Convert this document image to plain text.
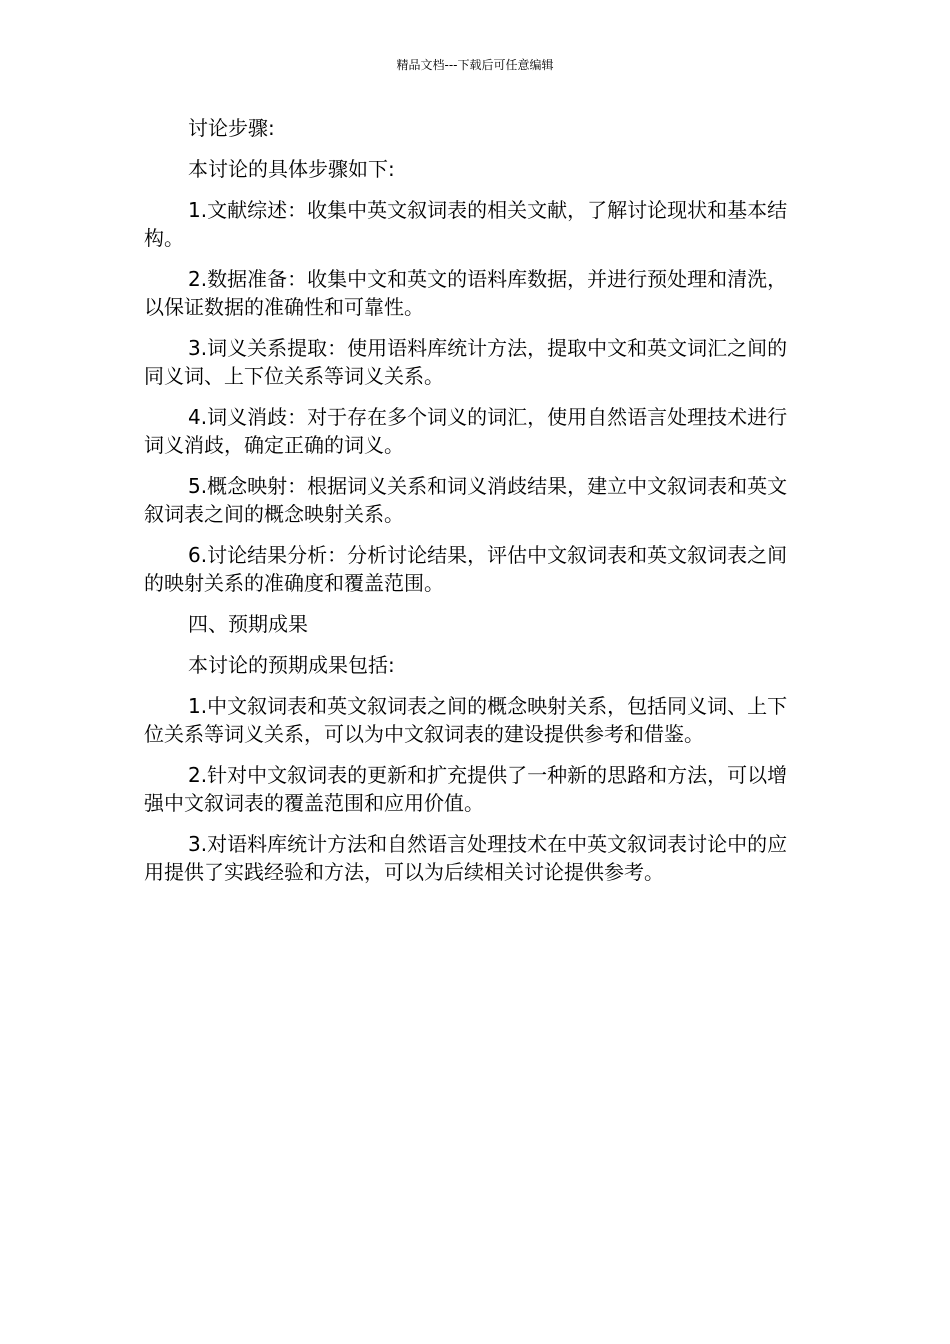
精品文档---下载后可任意编辑

讨论步骤:

本讨论的具体步骤如下:

1.文献综述：收集中英文叙词表的相关文献，了解讨论现状和基本结构。

2.数据准备：收集中文和英文的语料库数据，并进行预处理和清洗，以保证数据的准确性和可靠性。

3.词义关系提取：使用语料库统计方法，提取中文和英文词汇之间的同义词、上下位关系等词义关系。

4.词义消歧：对于存在多个词义的词汇，使用自然语言处理技术进行词义消歧，确定正确的词义。

5.概念映射：根据词义关系和词义消歧结果，建立中文叙词表和英文叙词表之间的概念映射关系。

6.讨论结果分析：分析讨论结果，评估中文叙词表和英文叙词表之间的映射关系的准确度和覆盖范围。

四、预期成果

本讨论的预期成果包括:

1.中文叙词表和英文叙词表之间的概念映射关系，包括同义词、上下位关系等词义关系，可以为中文叙词表的建设提供参考和借鉴。

2.针对中文叙词表的更新和扩充提供了一种新的思路和方法，可以增强中文叙词表的覆盖范围和应用价值。

3.对语料库统计方法和自然语言处理技术在中英文叙词表讨论中的应用提供了实践经验和方法，可以为后续相关讨论提供参考。
